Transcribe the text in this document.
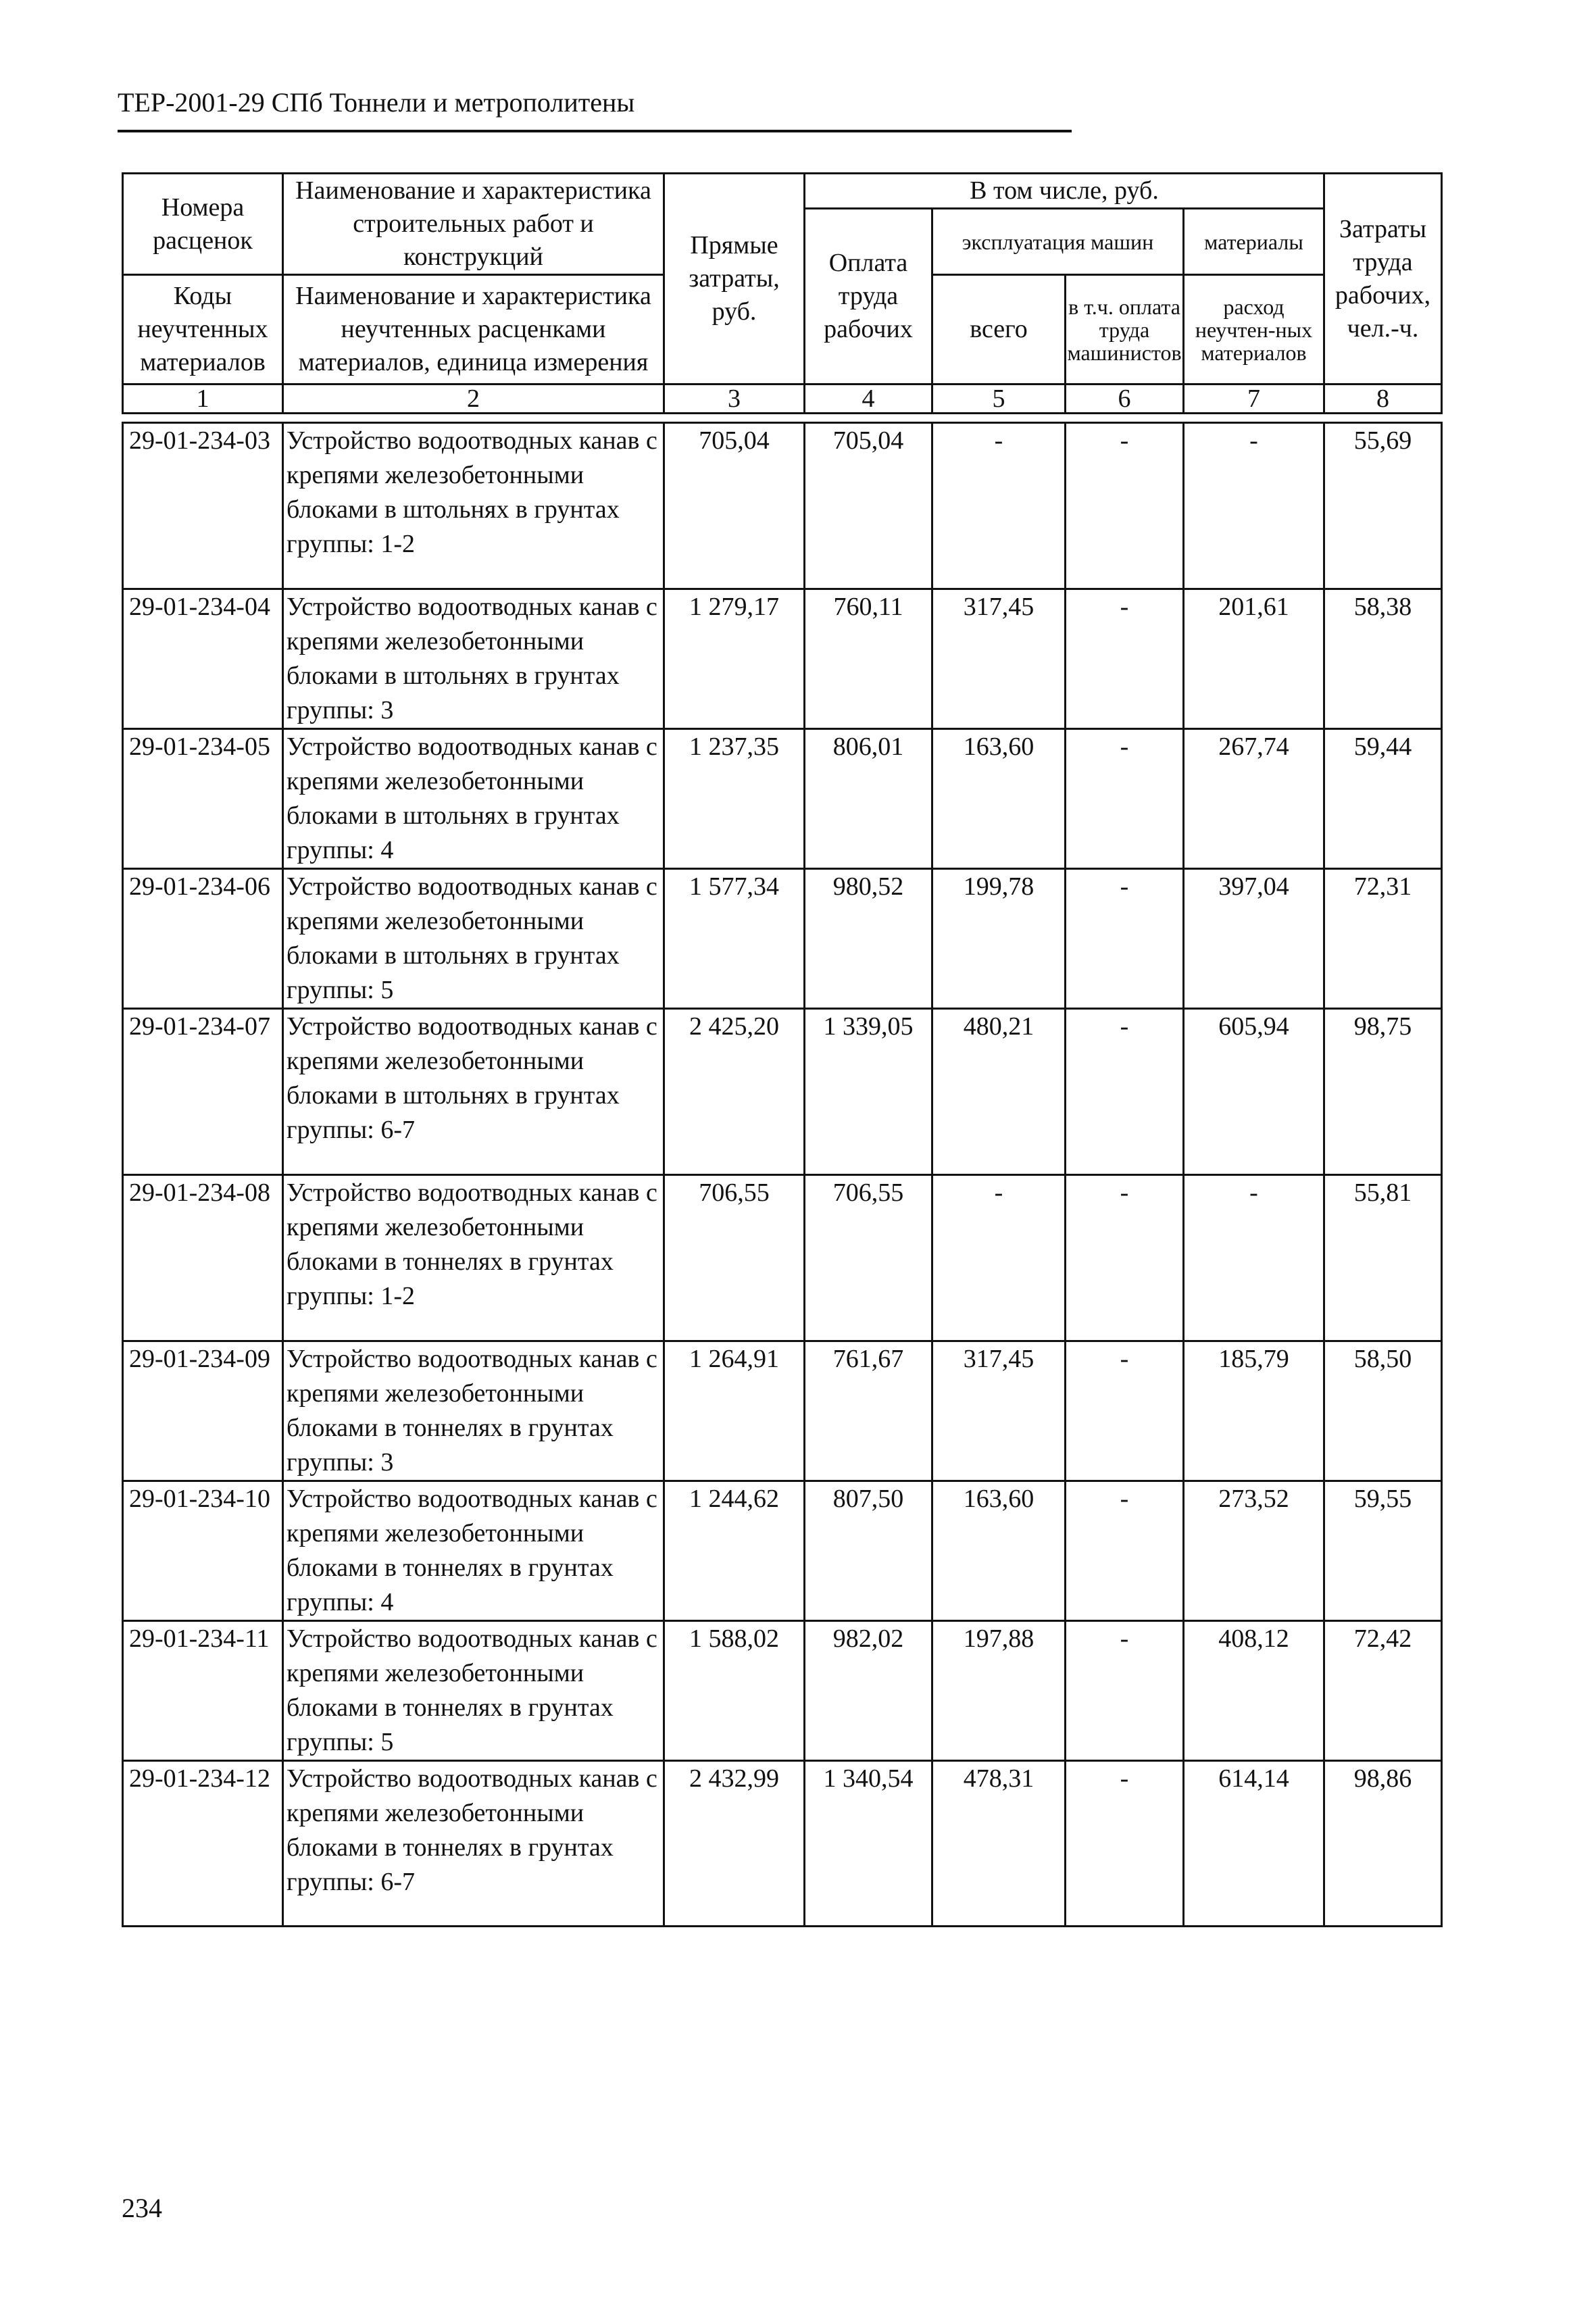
ТЕР-2001-29 СПб Тоннели и метрополитены
Номера расценок	Наименование и характеристика строительных работ и конструкций	Прямые затраты, руб.	В том числе, руб.				Затраты труда рабочих, чел.-ч.
			Оплата труда рабочих	эксплуатация машин		материалы	
Коды неучтенных материалов	Наименование и характеристика неучтенных расценками материалов, единица измерения			всего	в т.ч. оплата труда машинистов	расход неучтен-ных материалов	

1	2	3	4	5	6	7	8
29-01-234-03	Устройство водоотводных канав с крепями железобетонными блоками в штольнях в грунтах группы: 1-2	705,04	705,04	-	-	-	55,69
29-01-234-04	Устройство водоотводных канав с крепями железобетонными блоками в штольнях в грунтах группы: 3	1 279,17	760,11	317,45	-	201,61	58,38
29-01-234-05	Устройство водоотводных канав с крепями железобетонными блоками в штольнях в грунтах группы: 4	1 237,35	806,01	163,60	-	267,74	59,44
29-01-234-06	Устройство водоотводных канав с крепями железобетонными блоками в штольнях в грунтах группы: 5	1 577,34	980,52	199,78	-	397,04	72,31
29-01-234-07	Устройство водоотводных канав с крепями железобетонными блоками в штольнях в грунтах группы: 6-7	2 425,20	1 339,05	480,21	-	605,94	98,75
29-01-234-08	Устройство водоотводных канав с крепями железобетонными блоками в тоннелях в грунтах группы: 1-2	706,55	706,55	-	-	-	55,81
29-01-234-09	Устройство водоотводных канав с крепями железобетонными блоками в тоннелях в грунтах группы: 3	1 264,91	761,67	317,45	-	185,79	58,50
29-01-234-10	Устройство водоотводных канав с крепями железобетонными блоками в тоннелях в грунтах группы: 4	1 244,62	807,50	163,60	-	273,52	59,55
29-01-234-11	Устройство водоотводных канав с крепями железобетонными блоками в тоннелях в грунтах группы: 5	1 588,02	982,02	197,88	-	408,12	72,42
29-01-234-12	Устройство водоотводных канав с крепями железобетонными блоками в тоннелях в грунтах группы: 6-7	2 432,99	1 340,54	478,31	-	614,14	98,86
234
